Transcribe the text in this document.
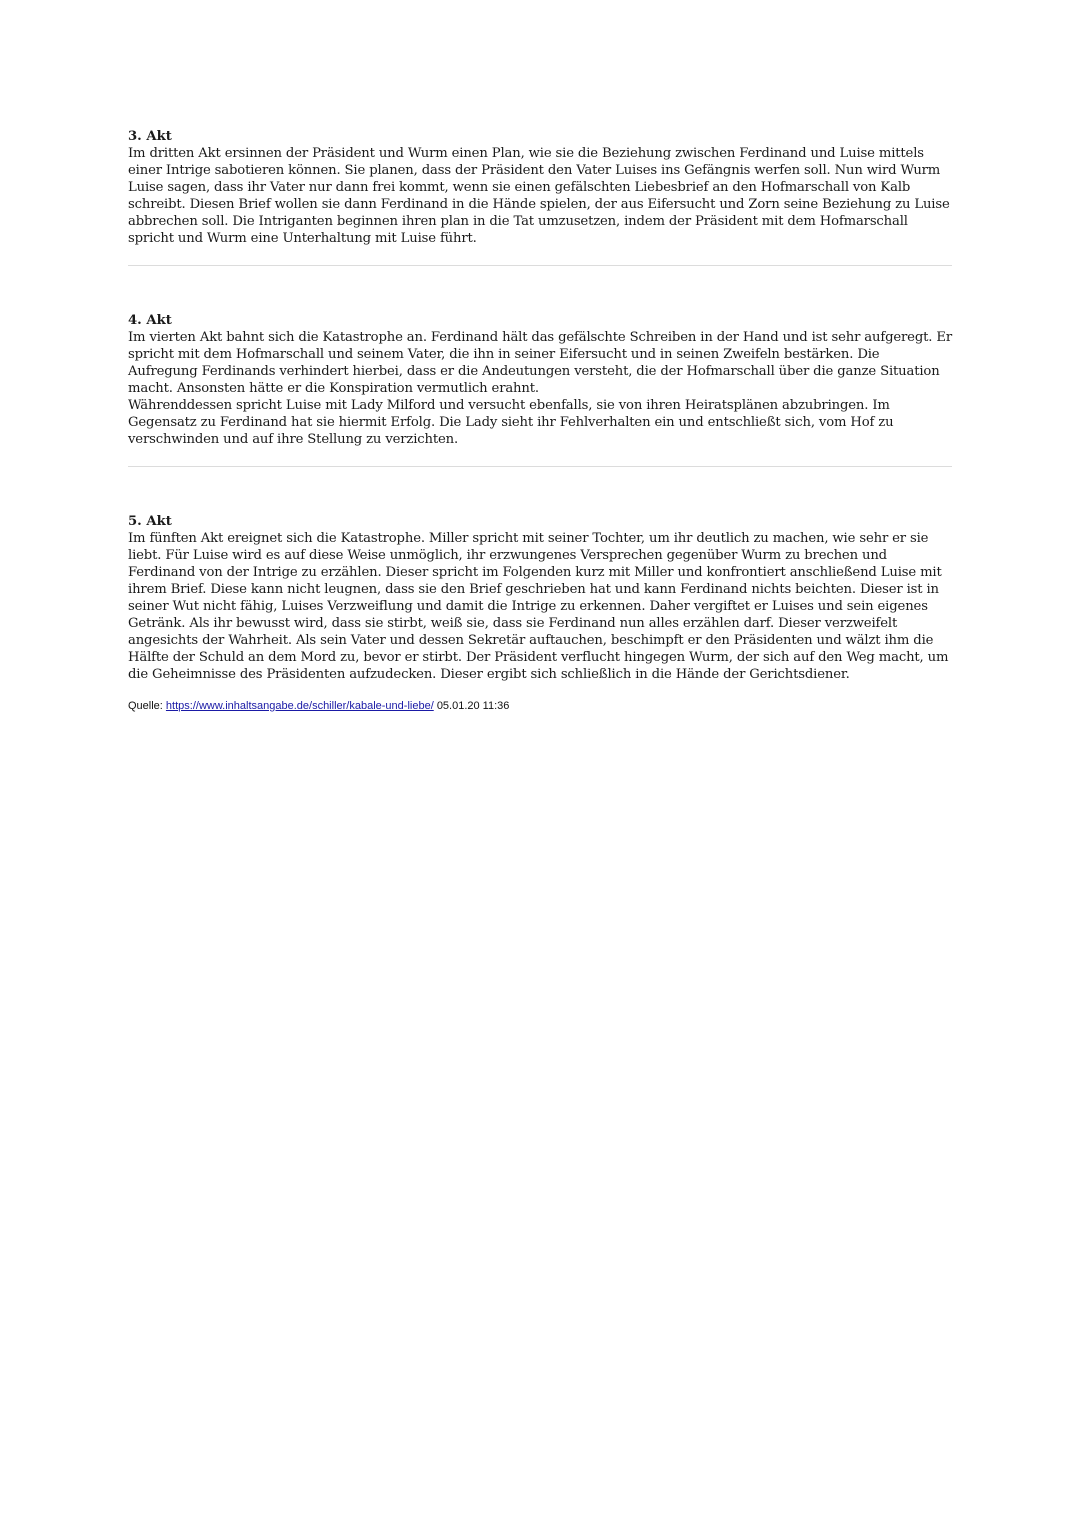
3. Akt

Im dritten Akt ersinnen der Präsident und Wurm einen Plan, wie sie die Beziehung zwischen Ferdinand und Luise mittels einer Intrige sabotieren können. Sie planen, dass der Präsident den Vater Luises ins Gefängnis werfen soll. Nun wird Wurm Luise sagen, dass ihr Vater nur dann frei kommt, wenn sie einen gefälschten Liebesbrief an den Hofmarschall von Kalb schreibt. Diesen Brief wollen sie dann Ferdinand in die Hände spielen, der aus Eifersucht und Zorn seine Beziehung zu Luise abbrechen soll. Die Intriganten beginnen ihren plan in die Tat umzusetzen, indem der Präsident mit dem Hofmarschall spricht und Wurm eine Unterhaltung mit Luise führt.

4. Akt

Im vierten Akt bahnt sich die Katastrophe an. Ferdinand hält das gefälschte Schreiben in der Hand und ist sehr aufgeregt. Er spricht mit dem Hofmarschall und seinem Vater, die ihn in seiner Eifersucht und in seinen Zweifeln bestärken. Die Aufregung Ferdinands verhindert hierbei, dass er die Andeutungen versteht, die der Hofmarschall über die ganze Situation macht. Ansonsten hätte er die Konspiration vermutlich erahnt.

Währenddessen spricht Luise mit Lady Milford und versucht ebenfalls, sie von ihren Heiratsplänen abzubringen. Im Gegensatz zu Ferdinand hat sie hiermit Erfolg. Die Lady sieht ihr Fehlverhalten ein und entschließt sich, vom Hof zu verschwinden und auf ihre Stellung zu verzichten.

5. Akt

Im fünften Akt ereignet sich die Katastrophe. Miller spricht mit seiner Tochter, um ihr deutlich zu machen, wie sehr er sie liebt. Für Luise wird es auf diese Weise unmöglich, ihr erzwungenes Versprechen gegenüber Wurm zu brechen und Ferdinand von der Intrige zu erzählen. Dieser spricht im Folgenden kurz mit Miller und konfrontiert anschließend Luise mit ihrem Brief. Diese kann nicht leugnen, dass sie den Brief geschrieben hat und kann Ferdinand nichts beichten. Dieser ist in seiner Wut nicht fähig, Luises Verzweiflung und damit die Intrige zu erkennen. Daher vergiftet er Luises und sein eigenes Getränk. Als ihr bewusst wird, dass sie stirbt, weiß sie, dass sie Ferdinand nun alles erzählen darf. Dieser verzweifelt angesichts der Wahrheit. Als sein Vater und dessen Sekretär auftauchen, beschimpft er den Präsidenten und wälzt ihm die Hälfte der Schuld an dem Mord zu, bevor er stirbt. Der Präsident verflucht hingegen Wurm, der sich auf den Weg macht, um die Geheimnisse des Präsidenten aufzudecken. Dieser ergibt sich schließlich in die Hände der Gerichtsdiener.

Quelle: https://www.inhaltsangabe.de/schiller/kabale-und-liebe/ 05.01.20 11:36
